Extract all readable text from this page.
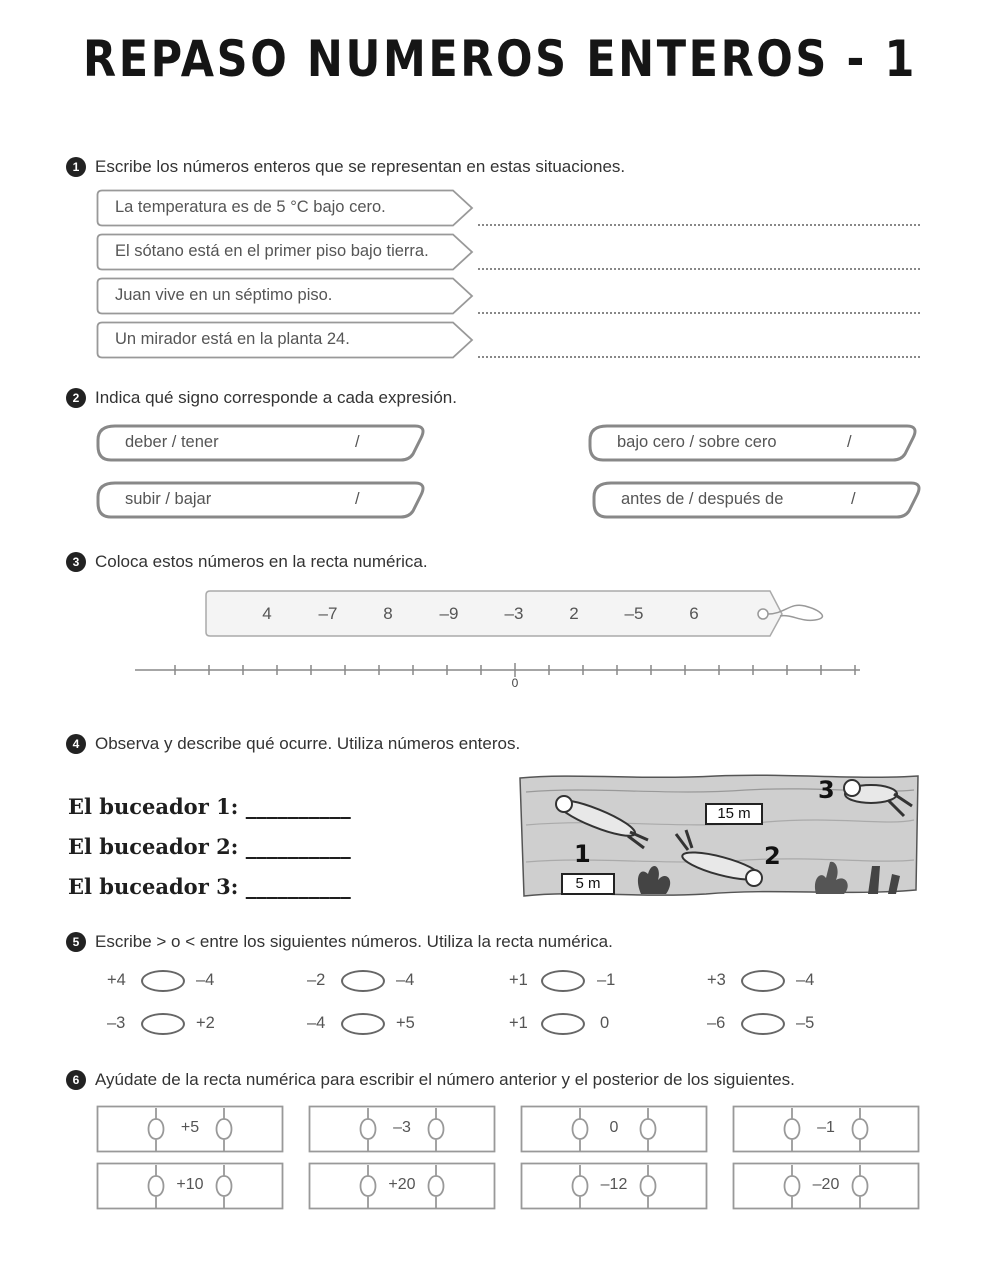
REPASO NUMEROS ENTEROS - 1
1 Escribe los números enteros que se representan en estas situaciones.
La temperatura es de 5 °C bajo cero.
El sótano está en el primer piso bajo tierra.
Juan vive en un séptimo piso.
Un mirador está en la planta 24.
2 Indica qué signo corresponde a cada expresión.
deber / tener	/	bajo cero / sobre cero	/
subir / bajar	/	antes de / después de	/
3 Coloca estos números en la recta numérica.
4	–7	8	–9	–3	2	–5	6
0
4 Observa y describe qué ocurre. Utiliza números enteros.
El buceador 1: __________
El buceador 2: __________
El buceador 3: __________
15 m
5 m
1	2
3
5 Escribe > o < entre los siguientes números. Utiliza la recta numérica.
+4	–4	–2	–4	+1	–1	+3	–4
–3	+2	–4	+5	+1	0	–6	–5
6 Ayúdate de la recta numérica para escribir el número anterior y el posterior de los siguientes.
+5	–3	0	–1
+10	+20	–12	–20
